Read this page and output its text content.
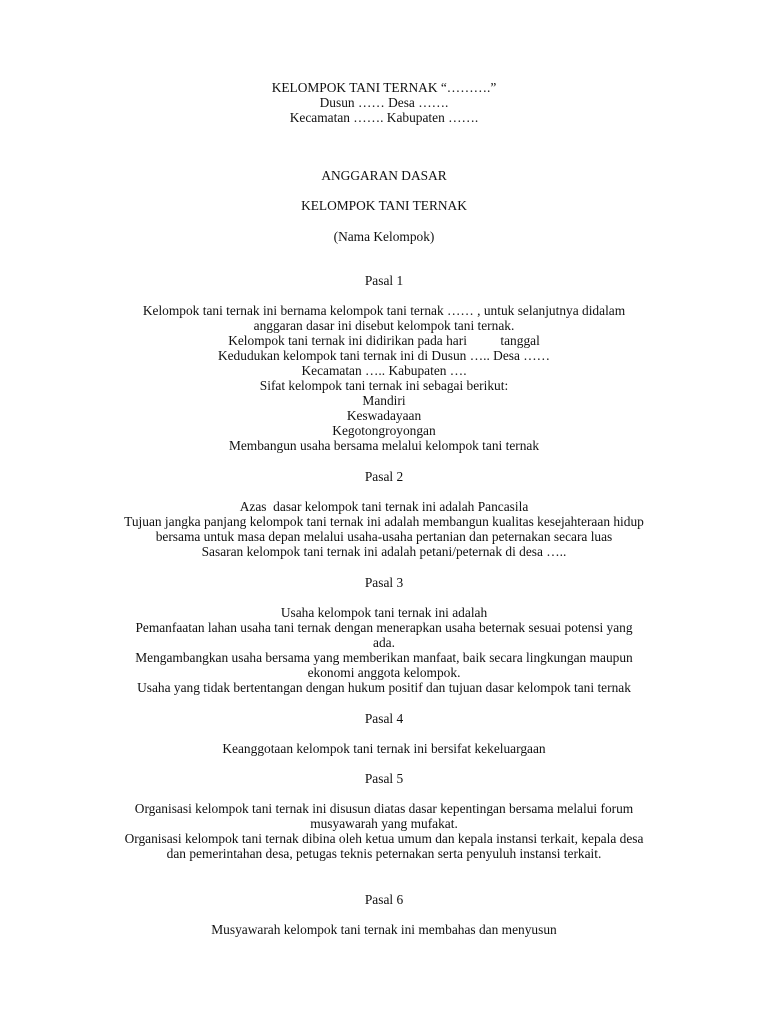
KELOMPOK TANI TERNAK “……….”
Dusun …… Desa …….
Kecamatan ……. Kabupaten …….
ANGGARAN DASAR
KELOMPOK TANI TERNAK
(Nama Kelompok)
Pasal 1
Kelompok tani ternak ini bernama kelompok tani ternak …… , untuk selanjutnya didalam
anggaran dasar ini disebut kelompok tani ternak.
Kelompok tani ternak ini didirikan pada hari          tanggal
Kedudukan kelompok tani ternak ini di Dusun ….. Desa ……
Kecamatan ….. Kabupaten ….
Sifat kelompok tani ternak ini sebagai berikut:
Mandiri
Keswadayaan
Kegotongroyongan
Membangun usaha bersama melalui kelompok tani ternak
Pasal 2
Azas  dasar kelompok tani ternak ini adalah Pancasila
Tujuan jangka panjang kelompok tani ternak ini adalah membangun kualitas kesejahteraan hidup
bersama untuk masa depan melalui usaha-usaha pertanian dan peternakan secara luas
Sasaran kelompok tani ternak ini adalah petani/peternak di desa …..
Pasal 3
Usaha kelompok tani ternak ini adalah
Pemanfaatan lahan usaha tani ternak dengan menerapkan usaha beternak sesuai potensi yang
ada.
Mengambangkan usaha bersama yang memberikan manfaat, baik secara lingkungan maupun
ekonomi anggota kelompok.
Usaha yang tidak bertentangan dengan hukum positif dan tujuan dasar kelompok tani ternak
Pasal 4
Keanggotaan kelompok tani ternak ini bersifat kekeluargaan
Pasal 5
Organisasi kelompok tani ternak ini disusun diatas dasar kepentingan bersama melalui forum
musyawarah yang mufakat.
Organisasi kelompok tani ternak dibina oleh ketua umum dan kepala instansi terkait, kepala desa
dan pemerintahan desa, petugas teknis peternakan serta penyuluh instansi terkait.
Pasal 6
Musyawarah kelompok tani ternak ini membahas dan menyusun
